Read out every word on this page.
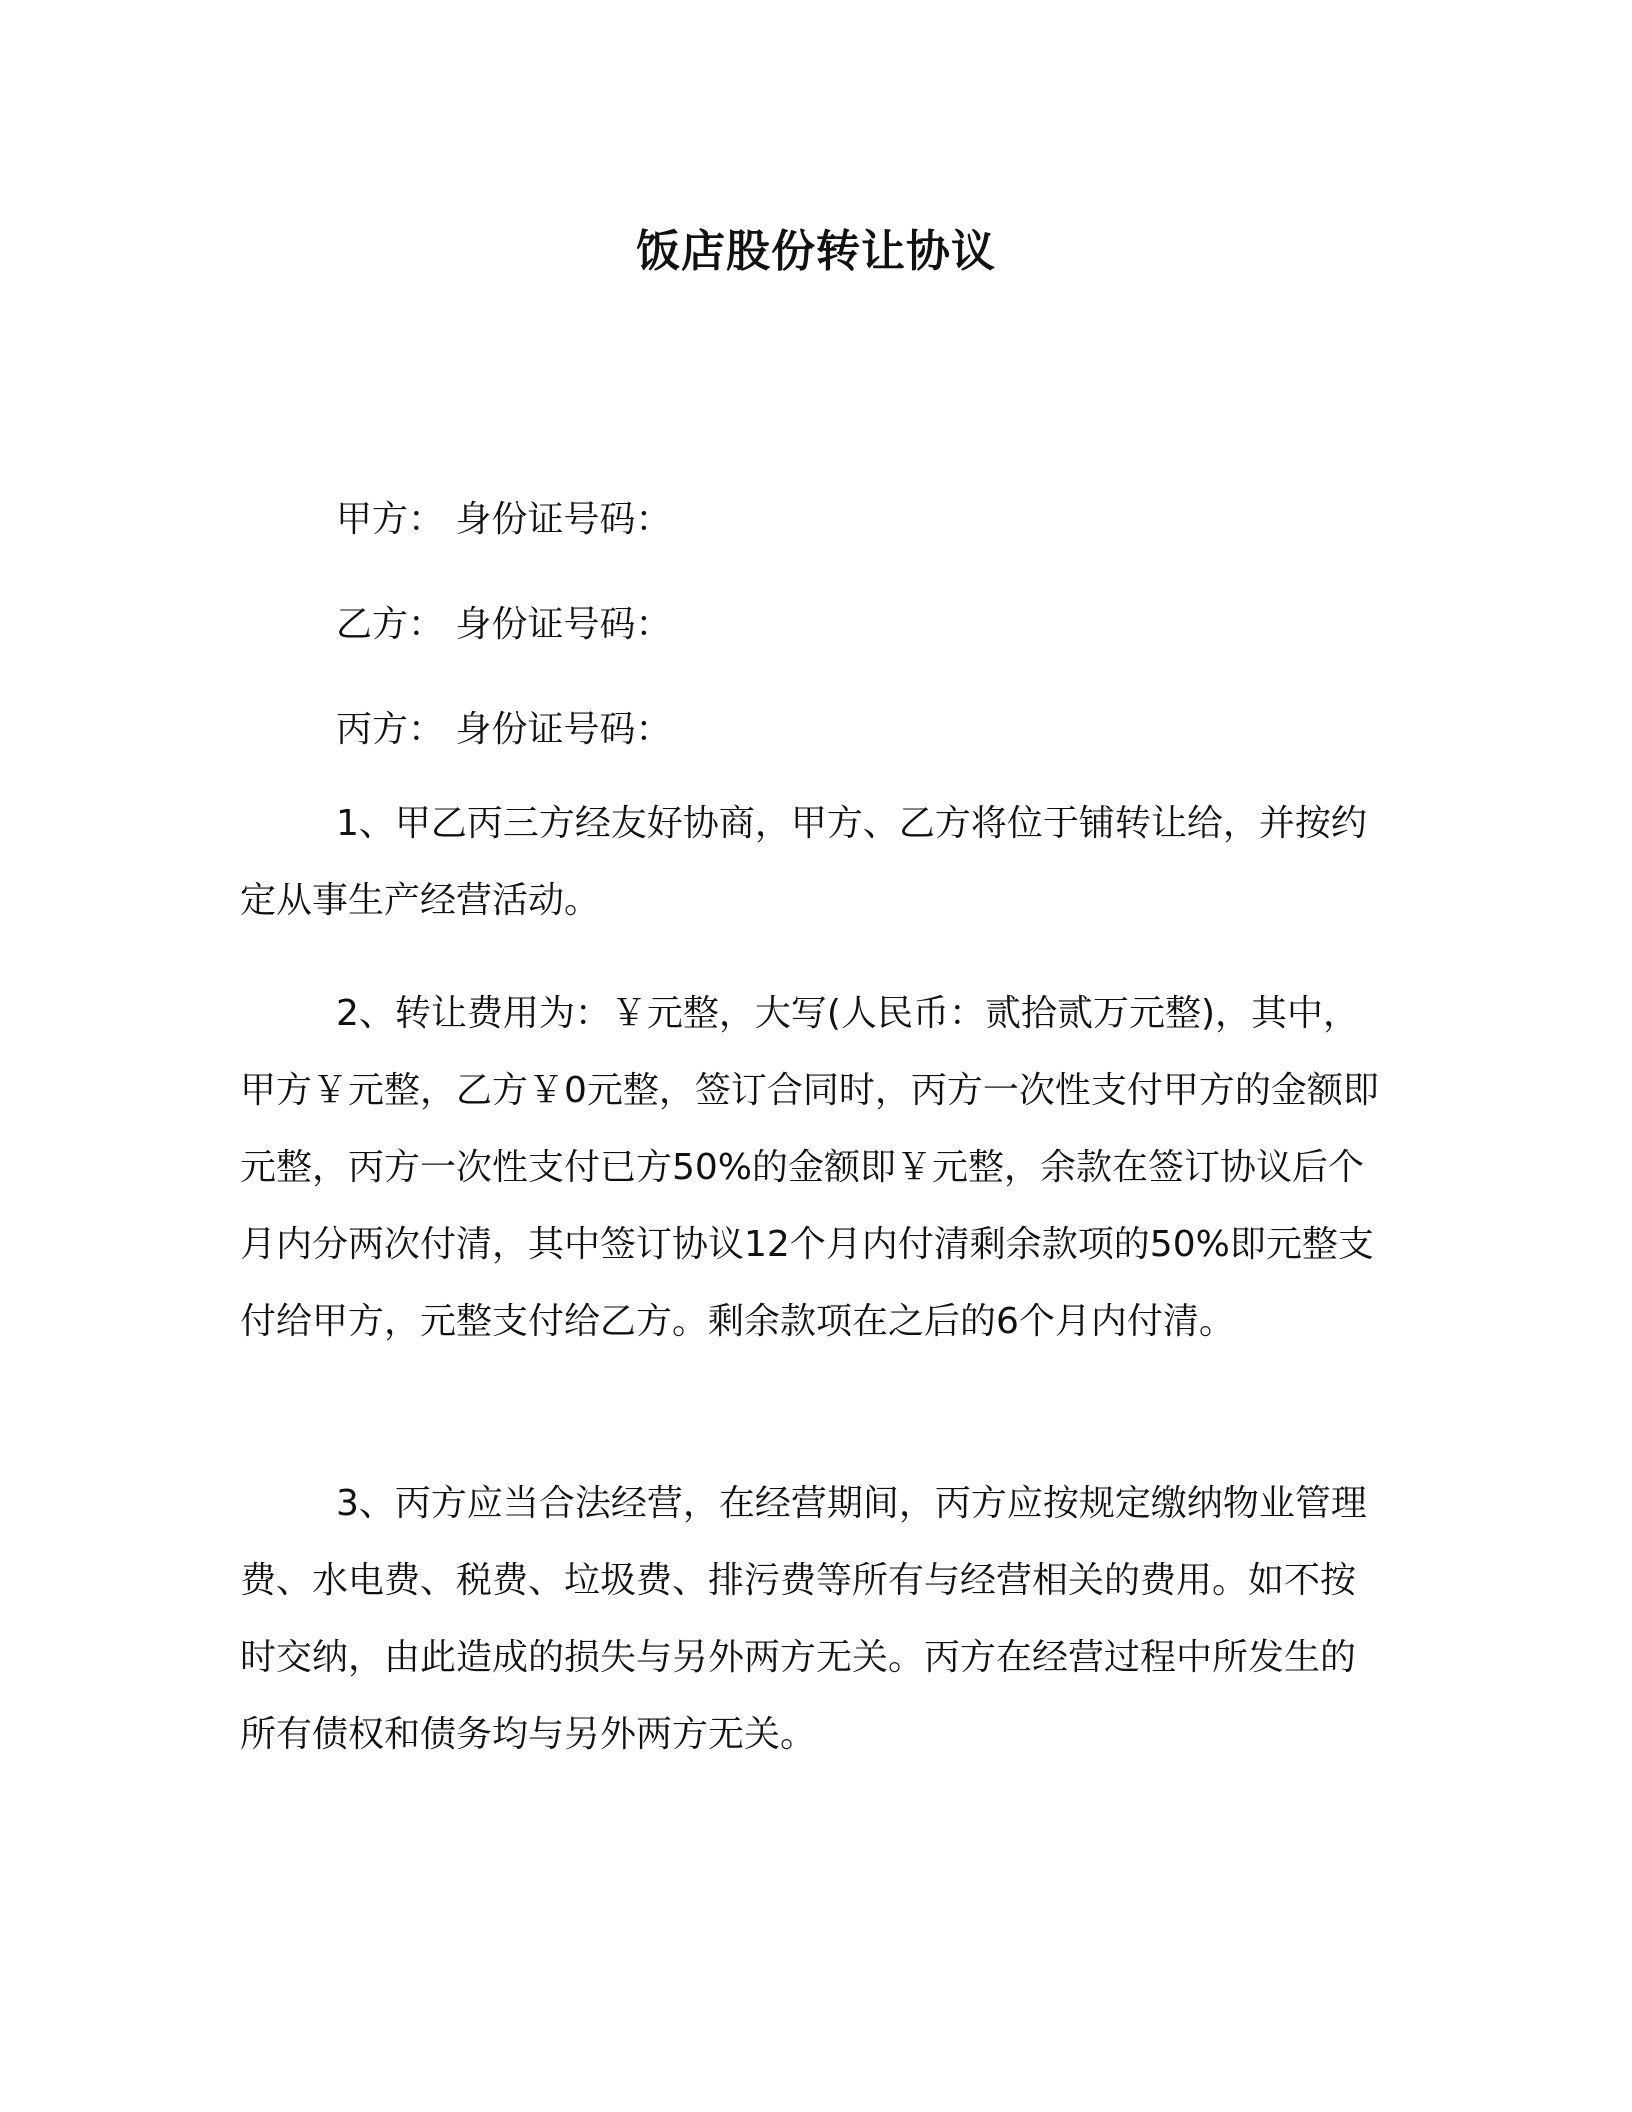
饭店股份转让协议
甲方： 身份证号码：
乙方： 身份证号码：
丙方： 身份证号码：

1、甲乙丙三方经友好协商，甲方、乙方将位于铺转让给，并按约定从事生产经营活动。

2、转让费用为：￥元整，大写(人民币：贰拾贰万元整)，其中，甲方￥元整，乙方￥0元整，签订合同时，丙方一次性支付甲方的金额即元整，丙方一次性支付已方50%的金额即￥元整，余款在签订协议后个月内分两次付清，其中签订协议12个月内付清剩余款项的50%即元整支付给甲方，元整支付给乙方。剩余款项在之后的6个月内付清。

3、丙方应当合法经营，在经营期间，丙方应按规定缴纳物业管理费、水电费、税费、垃圾费、排污费等所有与经营相关的费用。如不按时交纳，由此造成的损失与另外两方无关。丙方在经营过程中所发生的所有债权和债务均与另外两方无关。
